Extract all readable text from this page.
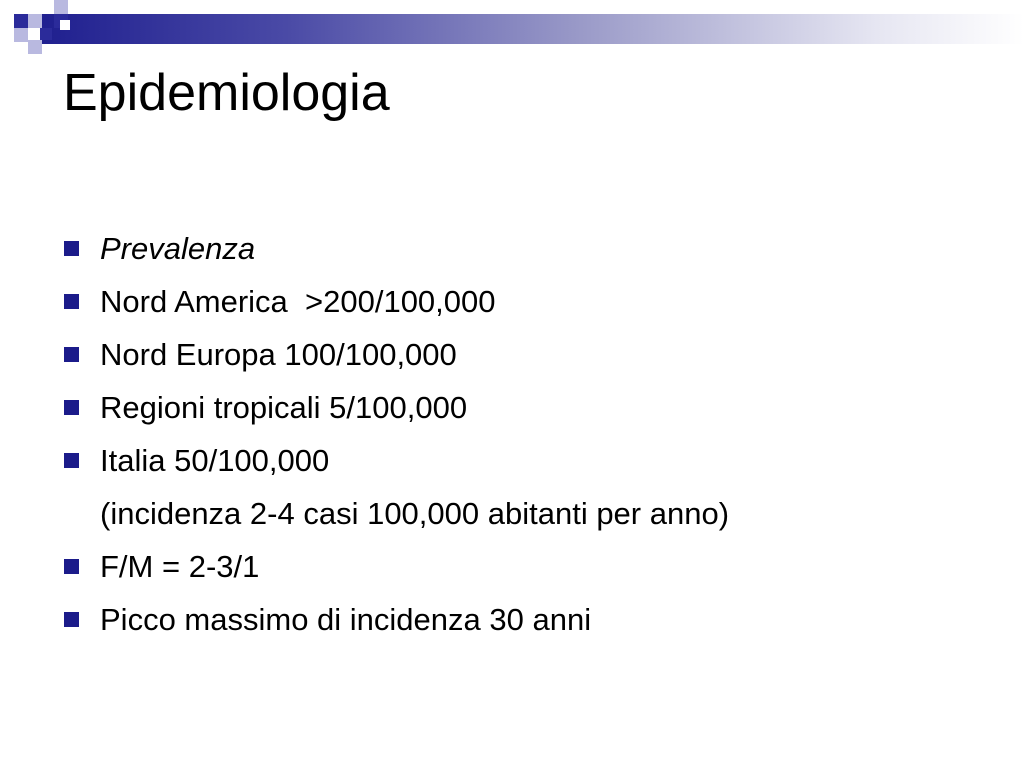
Epidemiologia
Prevalenza
Nord America  >200/100,000
Nord Europa 100/100,000
Regioni tropicali 5/100,000
Italia 50/100,000
(incidenza 2-4 casi 100,000 abitanti per anno)
F/M = 2-3/1
Picco massimo di incidenza 30 anni
